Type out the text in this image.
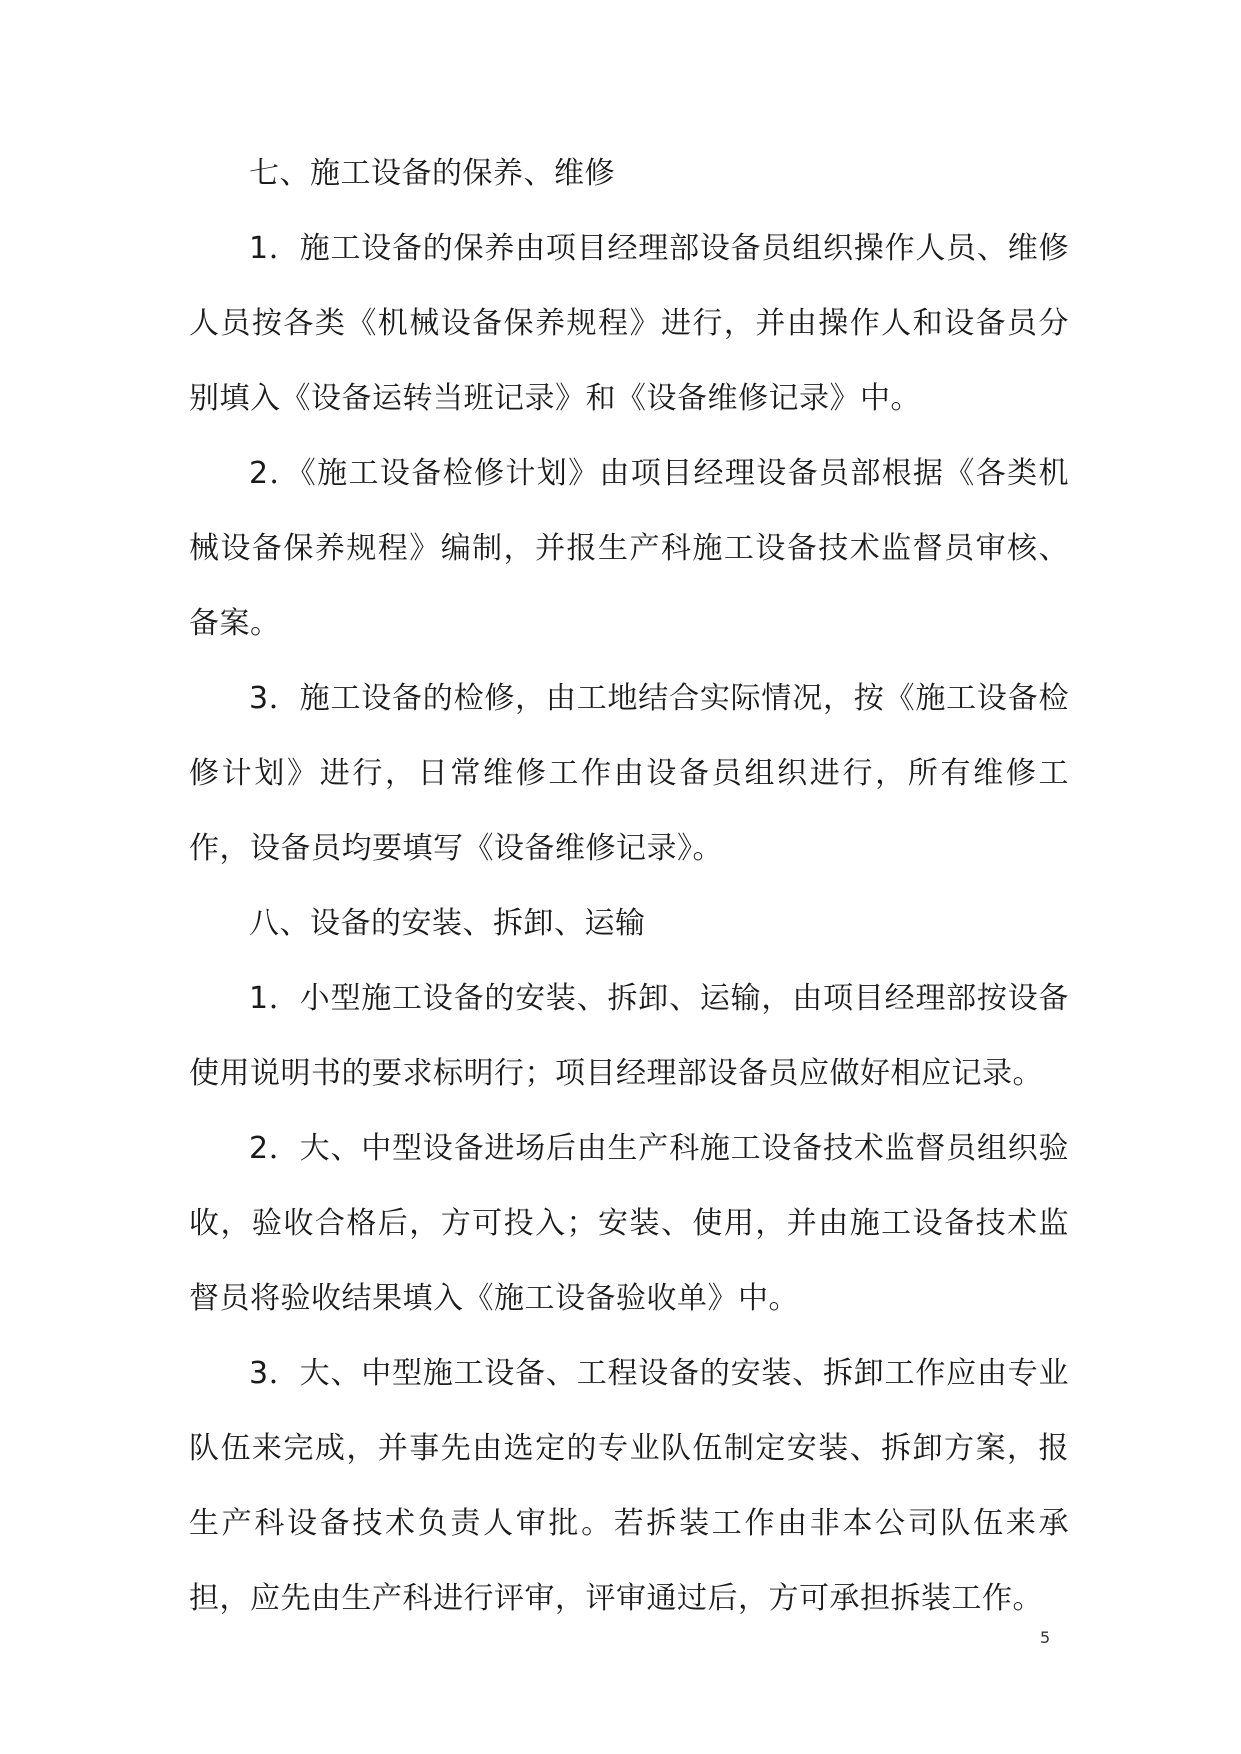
七、施工设备的保养、维修

1．施工设备的保养由项目经理部设备员组织操作人员、维修人员按各类《机械设备保养规程》进行，并由操作人和设备员分别填入《设备运转当班记录》和《设备维修记录》中。

2．《施工设备检修计划》由项目经理设备员部根据《各类机械设备保养规程》编制，并报生产科施工设备技术监督员审核、备案。

3．施工设备的检修，由工地结合实际情况，按《施工设备检修计划》进行，日常维修工作由设备员组织进行，所有维修工作，设备员均要填写《设备维修记录》。

八、设备的安装、拆卸、运输

1．小型施工设备的安装、拆卸、运输，由项目经理部按设备使用说明书的要求标明行；项目经理部设备员应做好相应记录。

2．大、中型设备进场后由生产科施工设备技术监督员组织验收，验收合格后，方可投入；安装、使用，并由施工设备技术监督员将验收结果填入《施工设备验收单》中。

3．大、中型施工设备、工程设备的安装、拆卸工作应由专业队伍来完成，并事先由选定的专业队伍制定安装、拆卸方案，报生产科设备技术负责人审批。若拆装工作由非本公司队伍来承担，应先由生产科进行评审，评审通过后，方可承担拆装工作。

5
